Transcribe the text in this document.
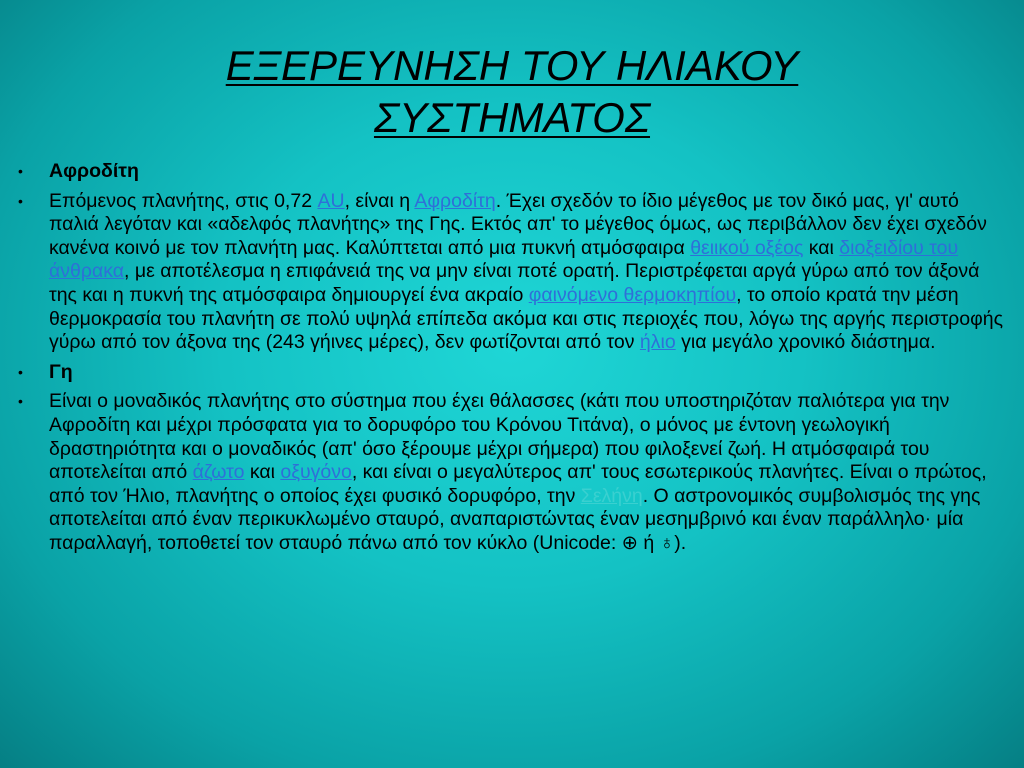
ΕΞΕΡΕΥΝΗΣΗ ΤΟΥ ΗΛΙΑΚΟΥ
ΣΥΣΤΗΜΑΤΟΣ
• Αφροδίτη
• Επόμενος πλανήτης, στις 0,72 AU, είναι η Αφροδίτη. Έχει σχεδόν το ίδιο μέγεθος με τον δικό μας, γι' αυτό παλιά λεγόταν και «αδελφός πλανήτης» της Γης. Εκτός απ' το μέγεθος όμως, ως περιβάλλον δεν έχει σχεδόν κανένα κοινό με τον πλανήτη μας. Καλύπτεται από μια πυκνή ατμόσφαιρα θειικού οξέος και διοξειδίου του άνθρακα, με αποτέλεσμα η επιφάνειά της να μην είναι ποτέ ορατή. Περιστρέφεται αργά γύρω από τον άξονά της και η πυκνή της ατμόσφαιρα δημιουργεί ένα ακραίο φαινόμενο θερμοκηπίου, το οποίο κρατά την μέση θερμοκρασία του πλανήτη σε πολύ υψηλά επίπεδα ακόμα και στις περιοχές που, λόγω της αργής περιστροφής γύρω από τον άξονα της (243 γήινες μέρες), δεν φωτίζονται από τον ήλιο για μεγάλο χρονικό διάστημα.
• Γη
• Είναι ο μοναδικός πλανήτης στο σύστημα που έχει θάλασσες (κάτι που υποστηριζόταν παλιότερα για την Αφροδίτη και μέχρι πρόσφατα για το δορυφόρο του Κρόνου Τιτάνα), ο μόνος με έντονη γεωλογική δραστηριότητα και ο μοναδικός (απ' όσο ξέρουμε μέχρι σήμερα) που φιλοξενεί ζωή. Η ατμόσφαιρά του αποτελείται από άζωτο και οξυγόνο, και είναι ο μεγαλύτερος απ' τους εσωτερικούς πλανήτες. Είναι ο πρώτος, από τον Ήλιο, πλανήτης ο οποίος έχει φυσικό δορυφόρο, την Σελήνη. Ο αστρονομικός συμβολισμός της γης αποτελείται από έναν περικυκλωμένο σταυρό, αναπαριστώντας έναν μεσημβρινό και έναν παράλληλο· μία παραλλαγή, τοποθετεί τον σταυρό πάνω από τον κύκλο (Unicode: ⊕ ή ♁).
